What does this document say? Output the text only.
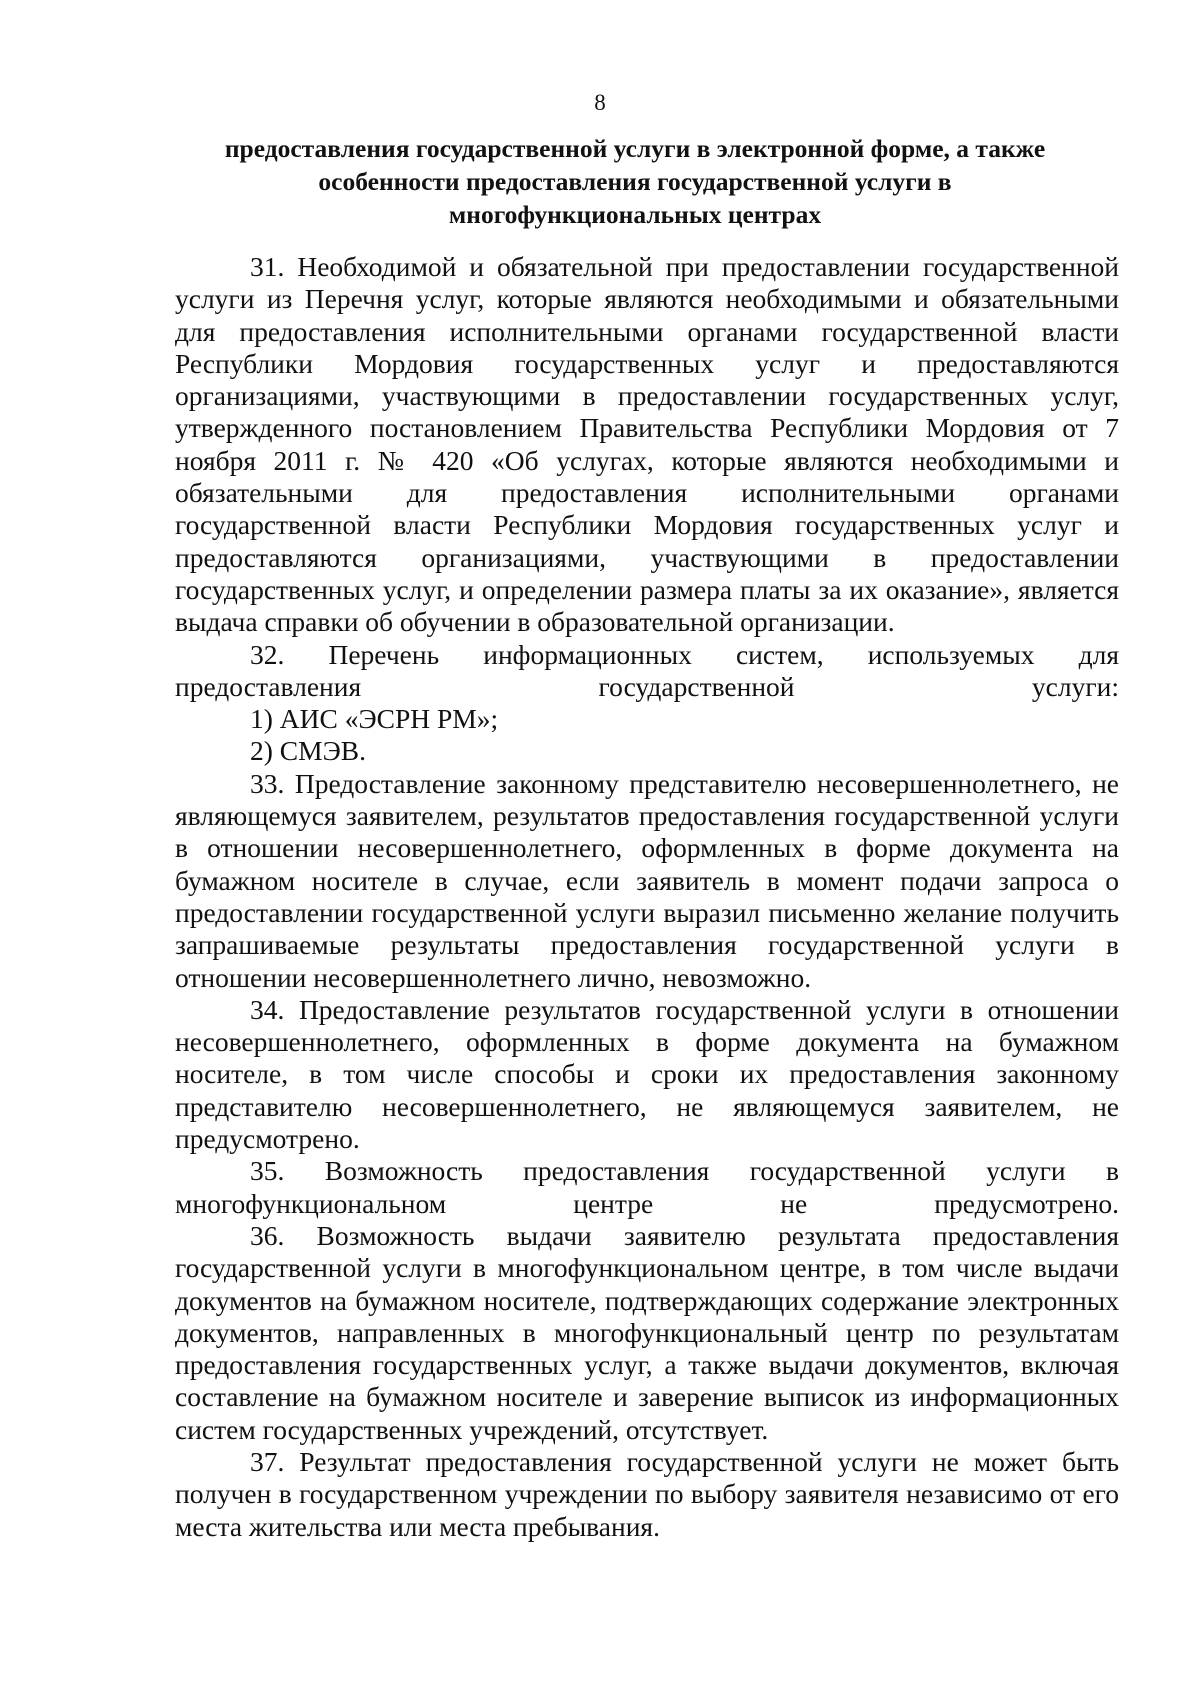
8
предоставления государственной услуги в электронной форме, а также
особенности предоставления государственной услуги в
многофункциональных центрах

31. Необходимой и обязательной при предоставлении государственной услуги из Перечня услуг, которые являются необходимыми и обязательными для предоставления исполнительными органами государственной власти Республики Мордовия государственных услуг и предоставляются организациями, участвующими в предоставлении государственных услуг, утвержденного постановлением Правительства Республики Мордовия от 7 ноября 2011 г. № 420 «Об услугах, которые являются необходимыми и обязательными для предоставления исполнительными органами государственной власти Республики Мордовия государственных услуг и предоставляются организациями, участвующими в предоставлении государственных услуг, и определении размера платы за их оказание», является выдача справки об обучении в образовательной организации.

32. Перечень информационных систем, используемых для предоставления государственной услуги:

1) АИС «ЭСРН РМ»;

2) СМЭВ.

33. Предоставление законному представителю несовершеннолетнего, не являющемуся заявителем, результатов предоставления государственной услуги в отношении несовершеннолетнего, оформленных в форме документа на бумажном носителе в случае, если заявитель в момент подачи запроса о предоставлении государственной услуги выразил письменно желание получить запрашиваемые результаты предоставления государственной услуги в отношении несовершеннолетнего лично, невозможно.

34. Предоставление результатов государственной услуги в отношении несовершеннолетнего, оформленных в форме документа на бумажном носителе, в том числе способы и сроки их предоставления законному представителю несовершеннолетнего, не являющемуся заявителем, не предусмотрено.

35. Возможность предоставления государственной услуги в многофункциональном центре не предусмотрено.

36. Возможность выдачи заявителю результата предоставления государственной услуги в многофункциональном центре, в том числе выдачи документов на бумажном носителе, подтверждающих содержание электронных документов, направленных в многофункциональный центр по результатам предоставления государственных услуг, а также выдачи документов, включая составление на бумажном носителе и заверение выписок из информационных систем государственных учреждений, отсутствует.

37. Результат предоставления государственной услуги не может быть получен в государственном учреждении по выбору заявителя независимо от его места жительства или места пребывания.
